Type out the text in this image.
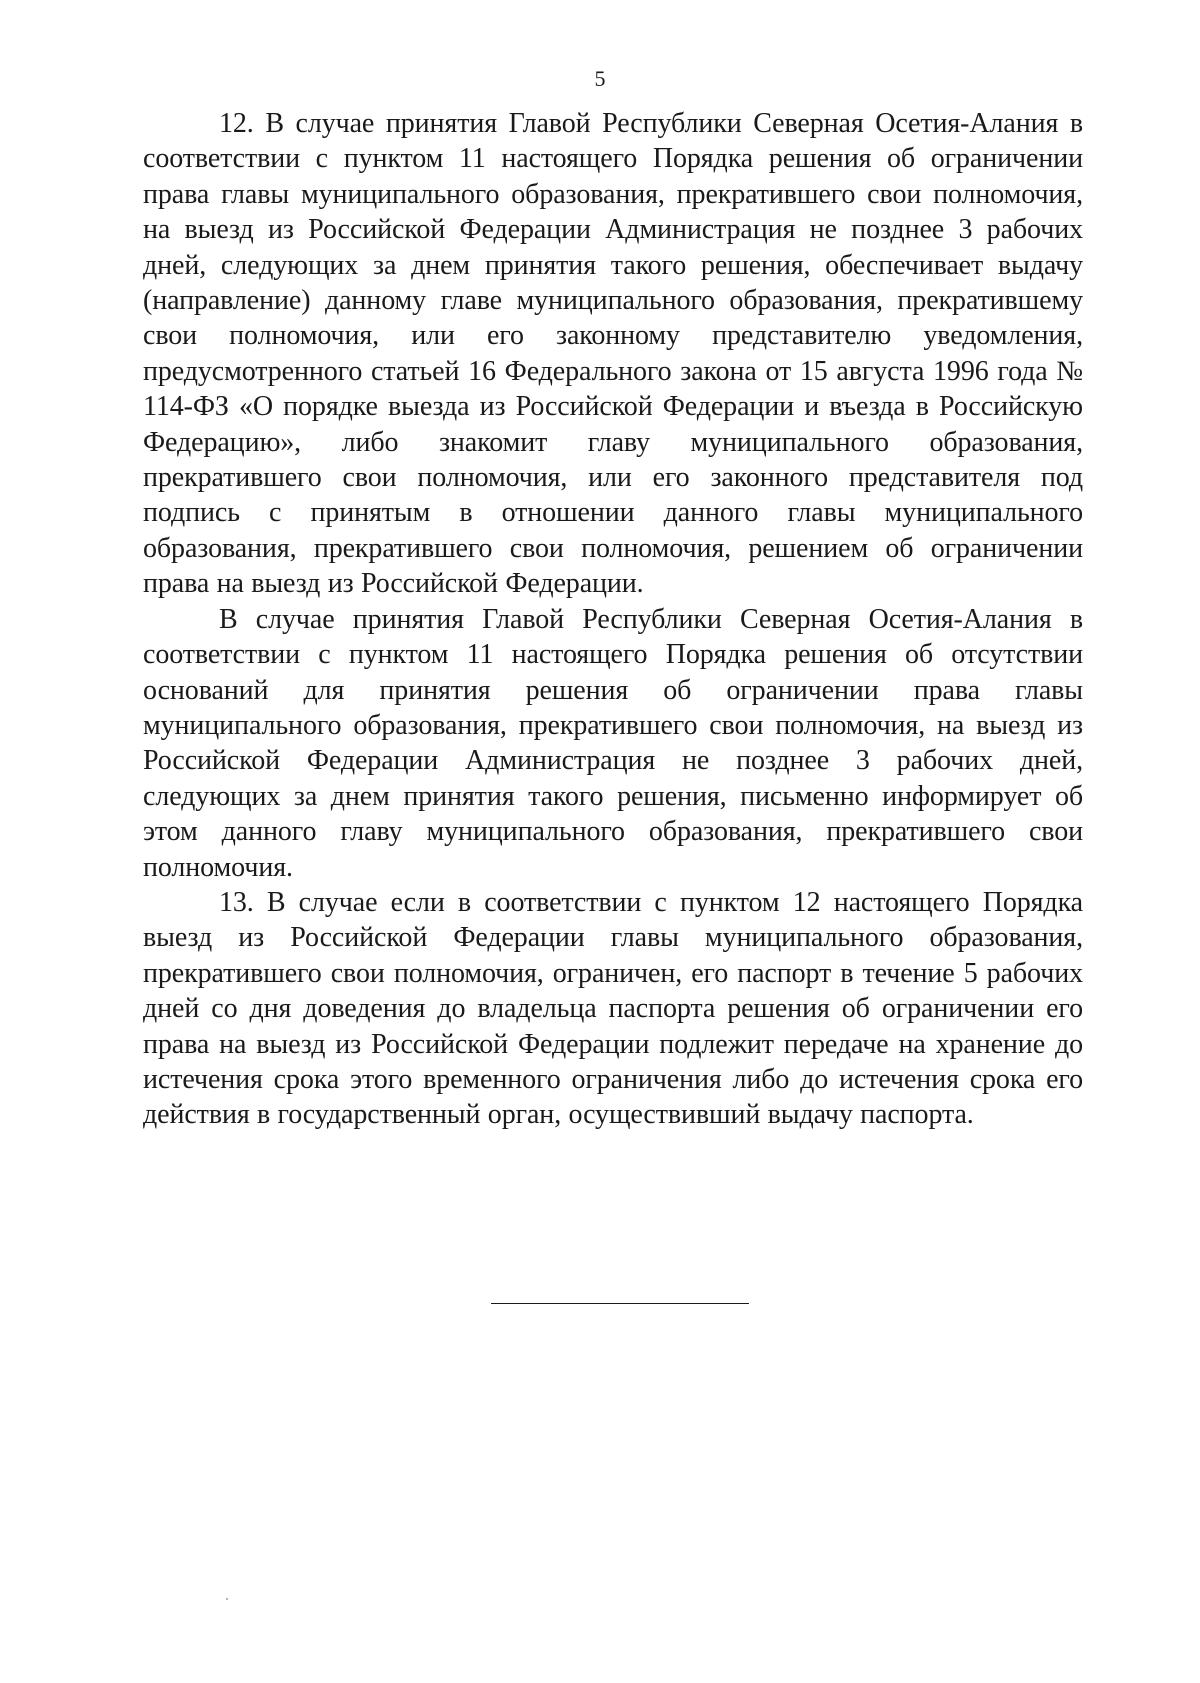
5

12. В случае принятия Главой Республики Северная Осетия-Алания в соответствии с пунктом 11 настоящего Порядка решения об ограничении права главы муниципального образования, прекратившего свои полномочия, на выезд из Российской Федерации Администрация не позднее 3 рабочих дней, следующих за днем принятия такого решения, обеспечивает выдачу (направление) данному главе муниципального образования, прекратившему свои полномочия, или его законному представителю уведомления, предусмотренного статьей 16 Федерального закона от 15 августа 1996 года № 114-ФЗ «О порядке выезда из Российской Федерации и въезда в Российскую Федерацию», либо знакомит главу муниципального образования, прекратившего свои полномочия, или его законного представителя под подпись с принятым в отношении данного главы муниципального образования, прекратившего свои полномочия, решением об ограничении права на выезд из Российской Федерации.

В случае принятия Главой Республики Северная Осетия-Алания в соответствии с пунктом 11 настоящего Порядка решения об отсутствии оснований для принятия решения об ограничении права главы муниципального образования, прекратившего свои полномочия, на выезд из Российской Федерации Администрация не позднее 3 рабочих дней, следующих за днем принятия такого решения, письменно информирует об этом данного главу муниципального образования, прекратившего свои полномочия.

13. В случае если в соответствии с пунктом 12 настоящего Порядка выезд из Российской Федерации главы муниципального образования, прекратившего свои полномочия, ограничен, его паспорт в течение 5 рабочих дней со дня доведения до владельца паспорта решения об ограничении его права на выезд из Российской Федерации подлежит передаче на хранение до истечения срока этого временного ограничения либо до истечения срока его действия в государственный орган, осуществивший выдачу паспорта.
